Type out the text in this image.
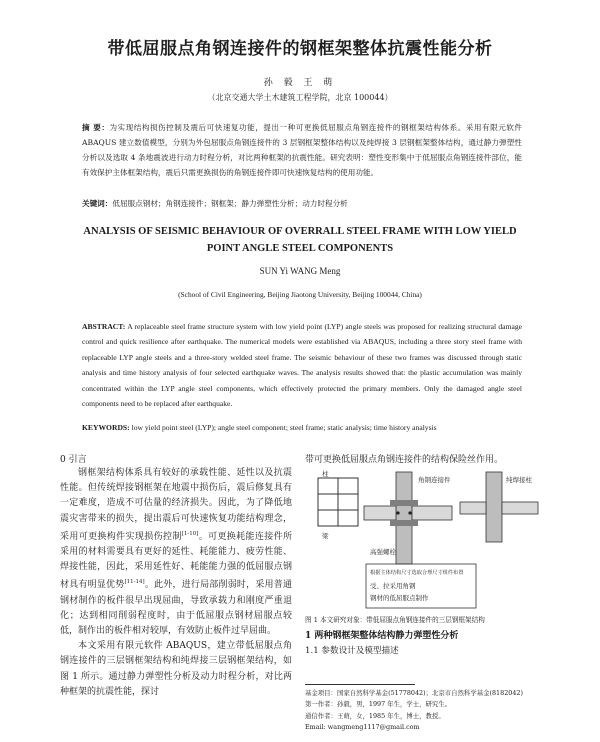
带低屈服点角钢连接件的钢框架整体抗震性能分析
孙 毅 王 萌
（北京交通大学土木建筑工程学院，北京 100044）
摘 要：为实现结构损伤控制及震后可快速复功能，提出一种可更换低屈服点角钢连接件的钢框架结构体系。采用有限元软件 ABAQUS 建立数值模型，分别为外包屈服点角钢连接件的 3 层钢框架整体结构以及纯焊接 3 层钢框架整体结构，通过静力弹塑性分析以及选取 4 条地震波进行动力时程分析，对比两种框架的抗震性能。研究表明：塑性变形集中于低屈服点角钢连接件部位，能有效保护主体框架结构，震后只需更换损伤的角钢连接件即可快速恢复结构的使用功能。
关键词：低屈服点钢材；角钢连接件；钢框架；静力弹塑性分析；动力时程分析
ANALYSIS OF SEISMIC BEHAVIOUR OF OVERRALL STEEL FRAME WITH LOW YIELD POINT ANGLE STEEL COMPONENTS
SUN Yi WANG Meng
(School of Civil Engineering, Beijing Jiaotong University, Beijing 100044, China)
ABSTRACT: A replaceable steel frame structure system with low yield point (LYP) angle steels was proposed for realizing structural damage control and quick resilience after earthquake. The numerical models were established via ABAQUS, including a three story steel frame with replaceable LYP angle steels and a three-story welded steel frame. The seismic behaviour of these two frames was discussed through static analysis and time history analysis of four selected earthquake waves. The analysis results showed that: the plastic accumulation was mainly concentrated within the LYP angle steel components, which effectively protected the primary members. Only the damaged angle steel components need to be replaced after earthquake.
KEYWORDS: low yield point steel (LYP); angle steel component; steel frame; static analysis; time history analysis
0 引言

钢框架结构体系具有较好的承载性能、延性以及抗震性能。但传统焊接钢框架在地震中损伤后，震后修复具有一定难度，造成不可估量的经济损失。因此，为了降低地震灾害带来的损失，提出震后可快速恢复功能结构理念，采用可更换构件实现损伤控制[1-10]。可更换耗能连接件所采用的材料需要具有更好的延性、耗能能力、疲劳性能、焊接性能，因此，采用延性好、耗能能力强的低屈服点钢材具有明显优势[11-14]。此外，进行局部削弱时，采用普通钢材制作的板件很早出现屈曲，导致承载力和刚度严重退化；达到相同削弱程度时，由于低屈服点钢材屈服点较低，制作出的板件相对较厚，有效防止板件过早屈曲。

本文采用有限元软件 ABAQUS，建立带低屈服点角钢连接件的三层钢框架结构和纯焊接三层钢框架结构，如图 1 所示。通过静力弹塑性分析及动力时程分析，对比两种框架的抗震性能，探讨

带可更换低屈服点角钢连接件的结构保险丝作用。
柱
梁
角钢连接件	纯焊接柱
高强螺栓
根据主体结构尺寸选取合理尺寸组件布置
受、拉采用角钢
钢材的低屈服点制作
图 1 本文研究对象：带低屈服点角钢连接件的三层钢框架结构
1 两种钢框架整体结构静力弹塑性分析
1.1 参数设计及模型描述
基金项目：国家自然科学基金(51778042)；北京市自然科学基金(8182042)
第一作者：孙毅，男，1997 年生，学士，研究生。
通信作者：王萌，女，1985 年生，博士，教授。
Email: wangmeng1117@gmail.com
